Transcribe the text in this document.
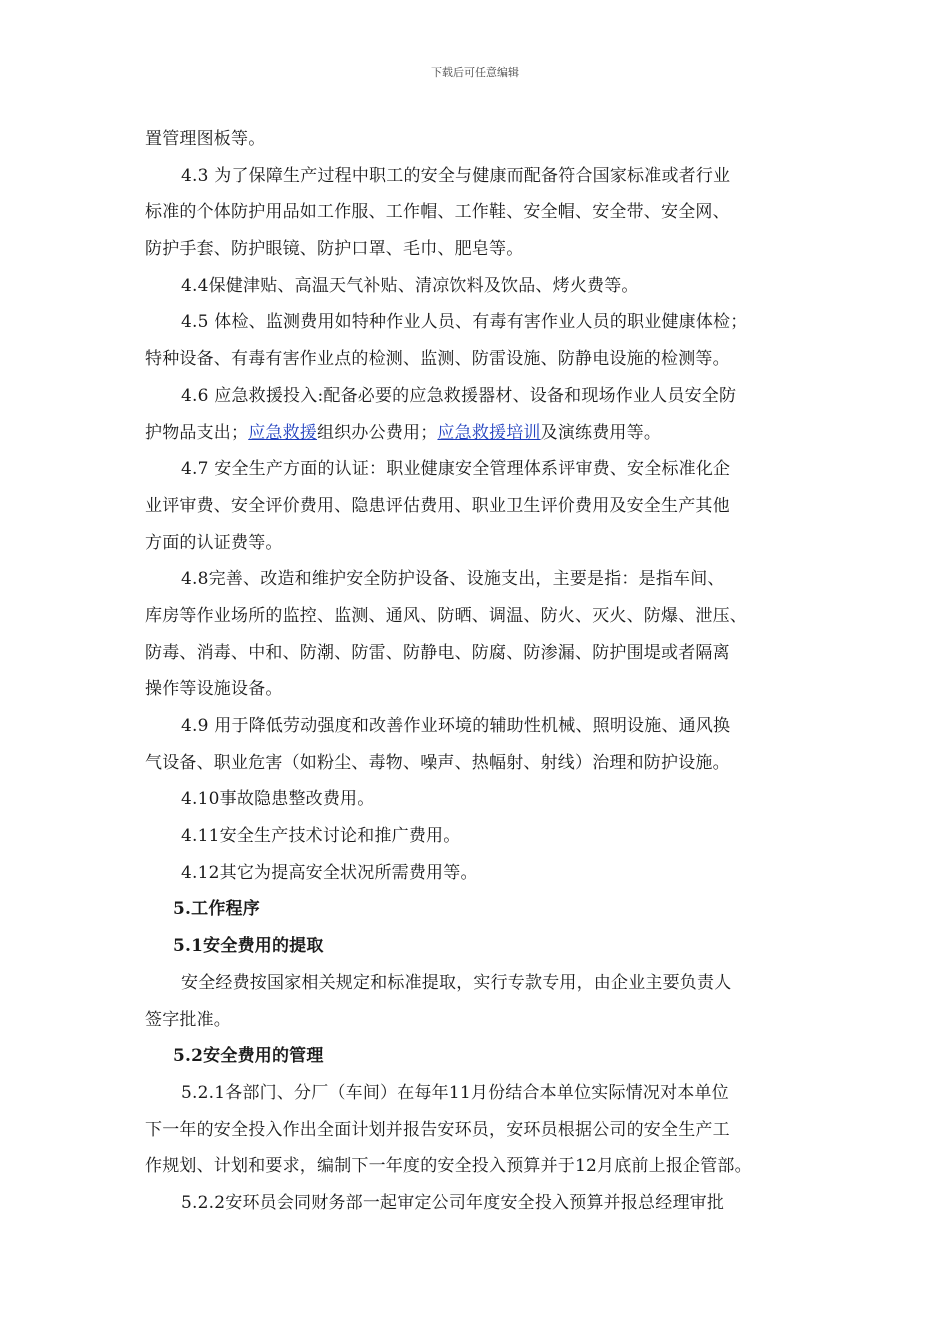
下载后可任意编辑
置管理图板等。
4.3 为了保障生产过程中职工的安全与健康而配备符合国家标准或者行业
标准的个体防护用品如工作服、工作帽、工作鞋、安全帽、安全带、安全网、
防护手套、防护眼镜、防护口罩、毛巾、肥皂等。
4.4保健津贴、高温天气补贴、清凉饮料及饮品、烤火费等。
4.5 体检、监测费用如特种作业人员、有毒有害作业人员的职业健康体检；
特种设备、有毒有害作业点的检测、监测、防雷设施、防静电设施的检测等。
4.6 应急救援投入:配备必要的应急救援器材、设备和现场作业人员安全防
护物品支出；应急救援组织办公费用；应急救援培训及演练费用等。
4.7 安全生产方面的认证：职业健康安全管理体系评审费、安全标准化企
业评审费、安全评价费用、隐患评估费用、职业卫生评价费用及安全生产其他
方面的认证费等。
4.8完善、改造和维护安全防护设备、设施支出，主要是指：是指车间、
库房等作业场所的监控、监测、通风、防晒、调温、防火、灭火、防爆、泄压、
防毒、消毒、中和、防潮、防雷、防静电、防腐、防渗漏、防护围堤或者隔离
操作等设施设备。
4.9 用于降低劳动强度和改善作业环境的辅助性机械、照明设施、通风换
气设备、职业危害（如粉尘、毒物、噪声、热幅射、射线）治理和防护设施。
4.10事故隐患整改费用。
4.11安全生产技术讨论和推广费用。
4.12其它为提高安全状况所需费用等。
5.工作程序
5.1安全费用的提取
安全经费按国家相关规定和标准提取，实行专款专用，由企业主要负责人
签字批准。
5.2安全费用的管理
5.2.1各部门、分厂（车间）在每年11月份结合本单位实际情况对本单位
下一年的安全投入作出全面计划并报告安环员，安环员根据公司的安全生产工
作规划、计划和要求，编制下一年度的安全投入预算并于12月底前上报企管部。
5.2.2安环员会同财务部一起审定公司年度安全投入预算并报总经理审批
